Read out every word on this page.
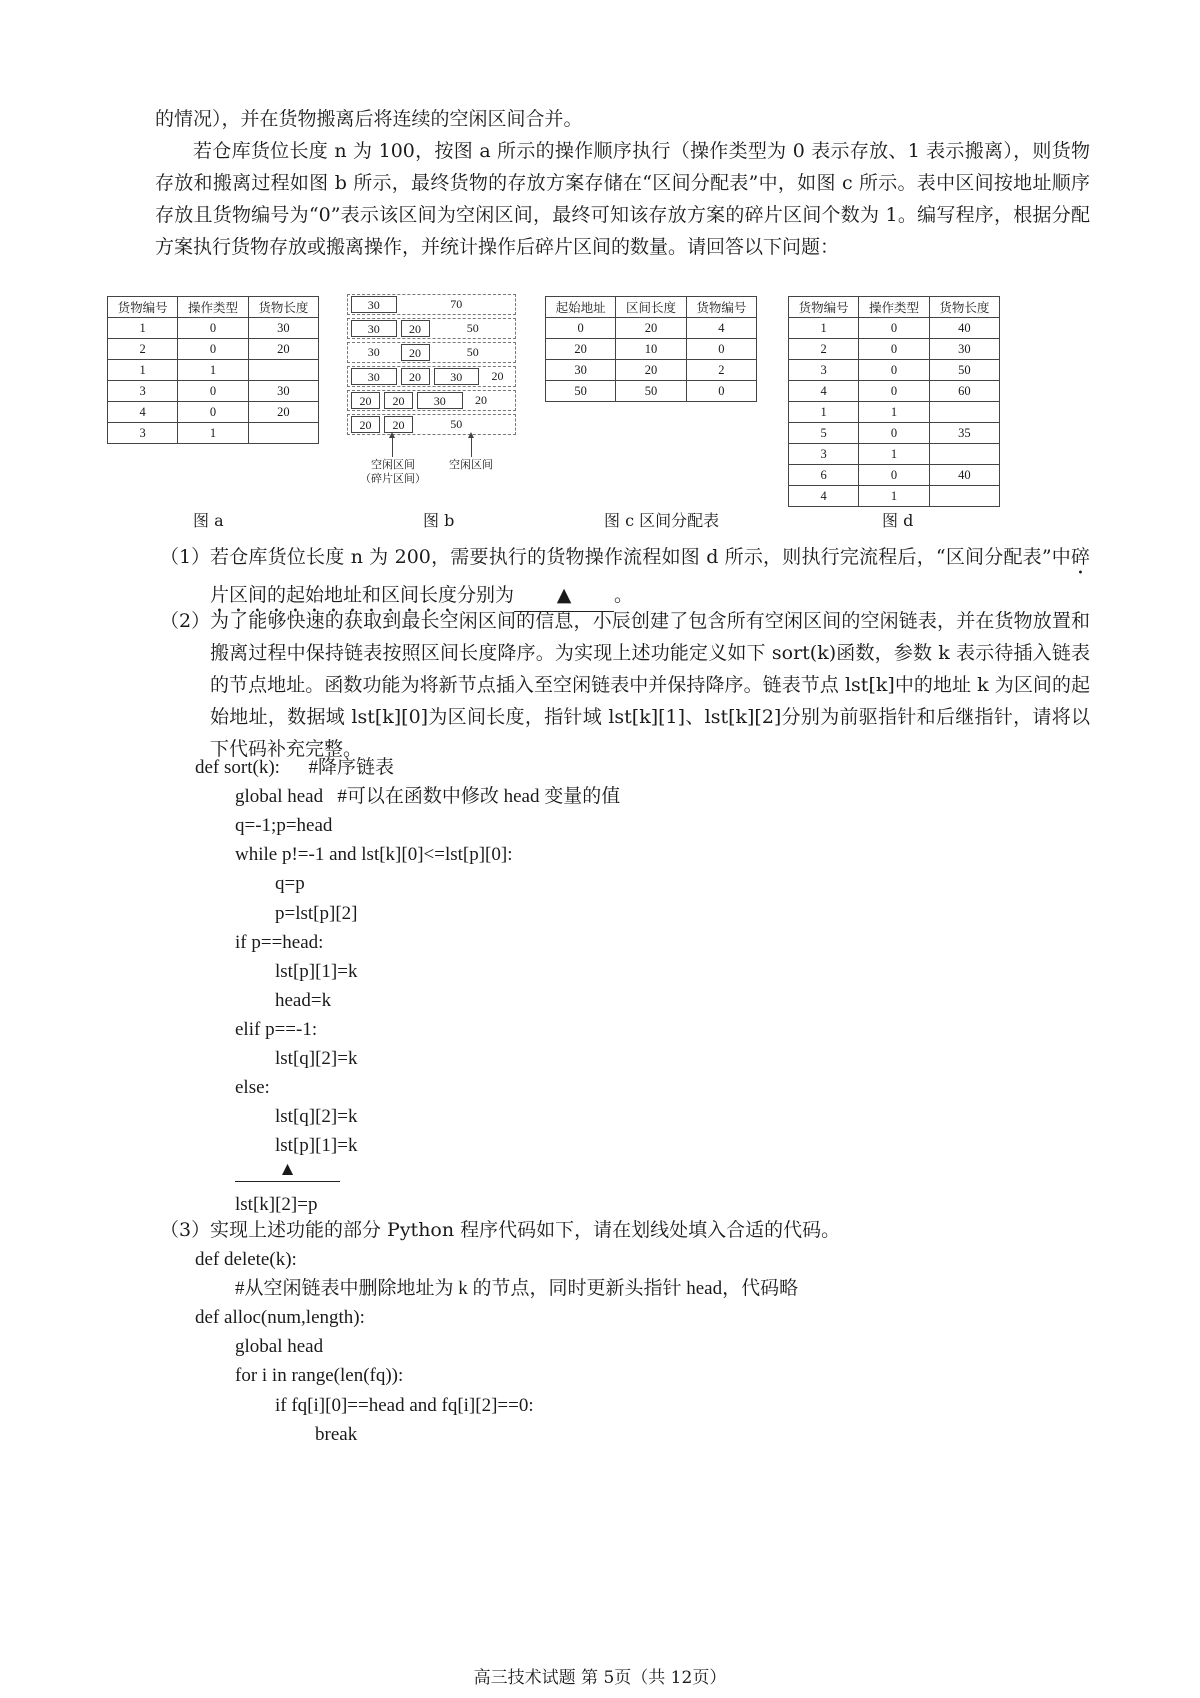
的情况），并在货物搬离后将连续的空闲区间合并。

若仓库货位长度 n 为 100，按图 a 所示的操作顺序执行（操作类型为 0 表示存放、1 表示搬离），则货物存放和搬离过程如图 b 所示，最终货物的存放方案存储在“区间分配表”中，如图 c 所示。表中区间按地址顺序存放且货物编号为“0”表示该区间为空闲区间，最终可知该存放方案的碎片区间个数为 1。编写程序，根据分配方案执行货物存放或搬离操作，并统计操作后碎片区间的数量。请回答以下问题：

货物编号	操作类型	货物长度
1	0	30
2	0	20
1	1	
3	0	30
4	0	20
3	1	
图 a
30	70
30	20	50
30	20	50
30	20	30	20
20	20	30	20
20	20	50
空闲区间
（碎片区间）
空闲区间
图 b
起始地址	区间长度	货物编号
0	20	4
20	10	0
30	20	2
50	50	0
图 c 区间分配表
货物编号	操作类型	货物长度
1	0	40
2	0	30
3	0	50
4	0	60
1	1	
5	0	35
3	1	
6	0	40
4	1	
图 d
（1） 若仓库货位长度 n 为 200，需要执行的货物操作流程如图 d 所示，则执行完流程后，“区间分配表”中碎片区间的起始地址和区间长度分别为 ▲ 。
（2） 为了能够快速的获取到最长空闲区间的信息，小辰创建了包含所有空闲区间的空闲链表，并在货物放置和搬离过程中保持链表按照区间长度降序。为实现上述功能定义如下 sort(k)函数，参数 k 表示待插入链表的节点地址。函数功能为将新节点插入至空闲链表中并保持降序。链表节点 lst[k]中的地址 k 为区间的起始地址，数据域 lst[k][0]为区间长度，指针域 lst[k][1]、lst[k][2]分别为前驱指针和后继指针，请将以下代码补充完整。
def sort(k):      #降序链表
global head   #可以在函数中修改 head 变量的值
q=-1;p=head
while p!=-1 and lst[k][0]<=lst[p][0]:
q=p
p=lst[p][2]
if p==head:
lst[p][1]=k
head=k
elif p==-1:
lst[q][2]=k
else:
lst[q][2]=k
lst[p][1]=k
▲
lst[k][2]=p
（3） 实现上述功能的部分 Python 程序代码如下，请在划线处填入合适的代码。
def delete(k):
#从空闲链表中删除地址为 k 的节点，同时更新头指针 head，代码略
def alloc(num,length):
global head
for i in range(len(fq)):
if fq[i][0]==head and fq[i][2]==0:
break
高三技术试题 第 5页（共 12页）
